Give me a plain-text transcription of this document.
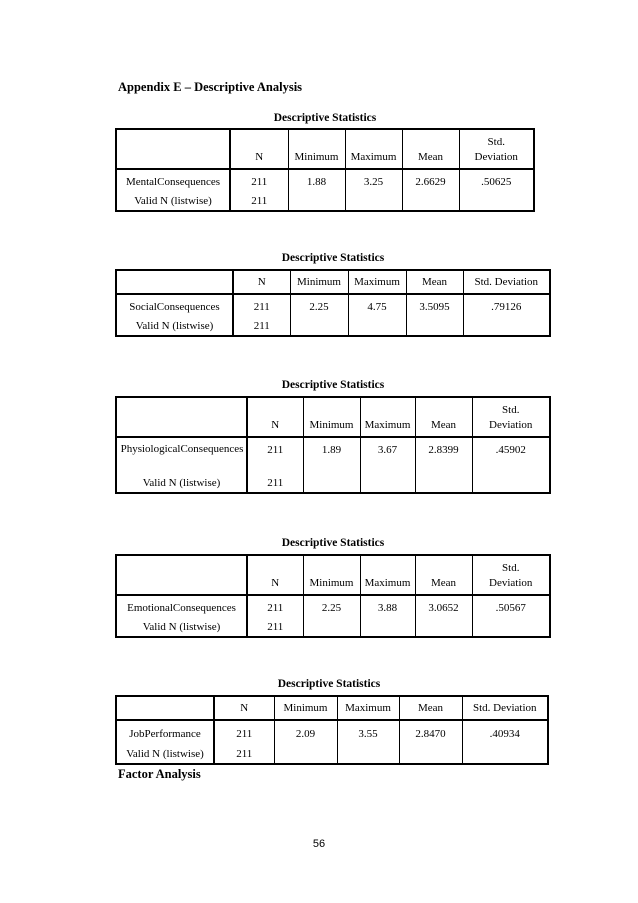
Appendix E – Descriptive Analysis
Descriptive Statistics
	N	Minimum	Maximum	Mean	Std. Deviation
MentalConsequences	211	1.88	3.25	2.6629	.50625
Valid N (listwise)	211				
Descriptive Statistics
	N	Minimum	Maximum	Mean	Std. Deviation
SocialConsequences	211	2.25	4.75	3.5095	.79126
Valid N (listwise)	211				
Descriptive Statistics
	N	Minimum	Maximum	Mean	Std. Deviation
PhysiologicalConsequences	211	1.89	3.67	2.8399	.45902
Valid N (listwise)	211				
Descriptive Statistics
	N	Minimum	Maximum	Mean	Std. Deviation
EmotionalConsequences	211	2.25	3.88	3.0652	.50567
Valid N (listwise)	211				
Descriptive Statistics
	N	Minimum	Maximum	Mean	Std. Deviation
JobPerformance	211	2.09	3.55	2.8470	.40934
Valid N (listwise)	211				
Factor Analysis
56
